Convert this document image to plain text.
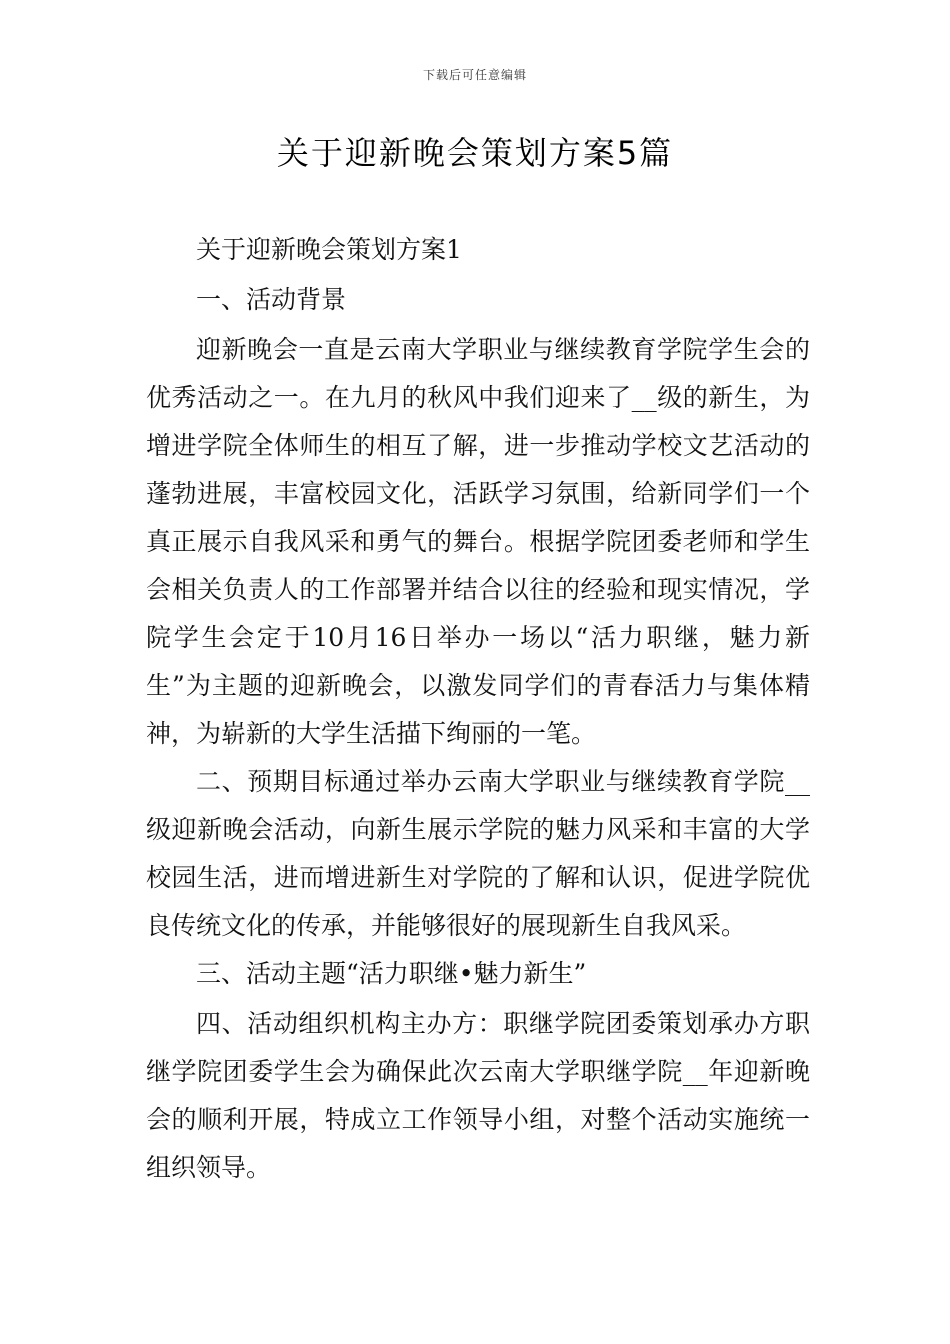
下载后可任意编辑
关于迎新晚会策划方案5篇

关于迎新晚会策划方案1

一、活动背景

迎新晚会一直是云南大学职业与继续教育学院学生会的优秀活动之一。在九月的秋风中我们迎来了__级的新生，为增进学院全体师生的相互了解，进一步推动学校文艺活动的蓬勃进展，丰富校园文化，活跃学习氛围，给新同学们一个真正展示自我风采和勇气的舞台。根据学院团委老师和学生会相关负责人的工作部署并结合以往的经验和现实情况，学院学生会定于10月16日举办一场以“活力职继，魅力新生”为主题的迎新晚会，以激发同学们的青春活力与集体精神，为崭新的大学生活描下绚丽的一笔。

二、预期目标通过举办云南大学职业与继续教育学院__级迎新晚会活动，向新生展示学院的魅力风采和丰富的大学校园生活，进而增进新生对学院的了解和认识，促进学院优良传统文化的传承，并能够很好的展现新生自我风采。

三、活动主题“活力职继•魅力新生”

四、活动组织机构主办方：职继学院团委策划承办方职继学院团委学生会为确保此次云南大学职继学院__年迎新晚会的顺利开展，特成立工作领导小组，对整个活动实施统一组织领导。
